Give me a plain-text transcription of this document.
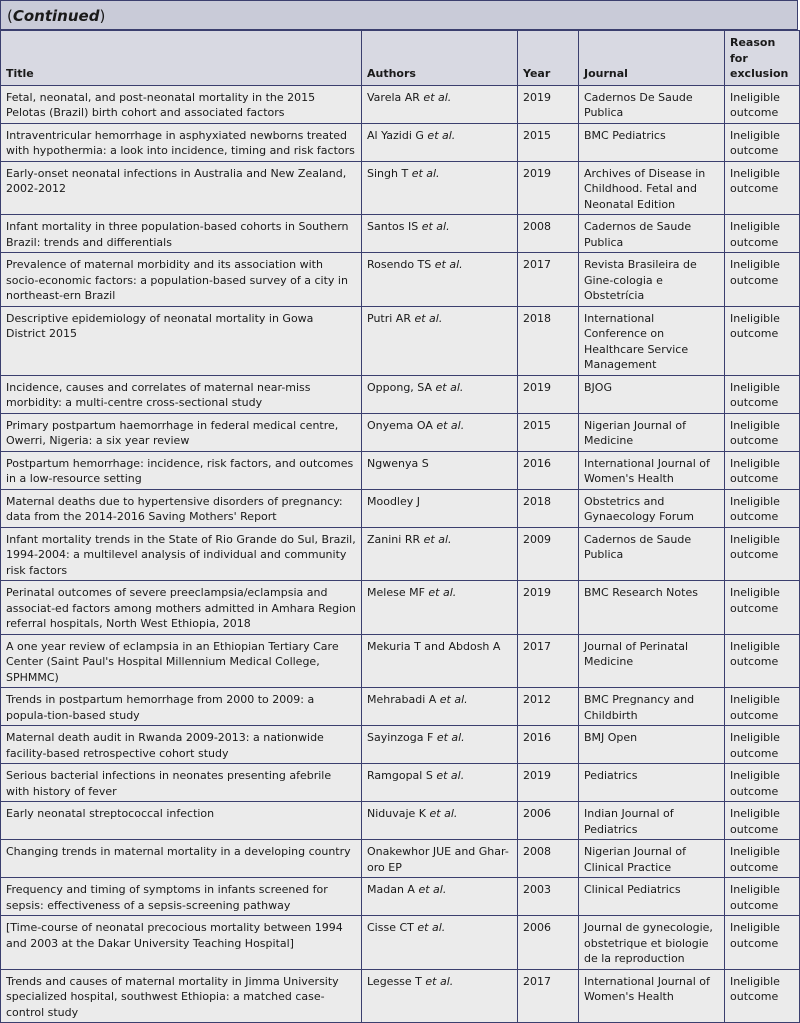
(Continued)
Title	Authors	Year	Journal	Reason for exclusion
Fetal, neonatal, and post-neonatal mortality in the 2015 Pelotas (Brazil) birth cohort and associated factors	Varela AR et al.	2019	Cadernos De Saude Publica	Ineligible outcome
Intraventricular hemorrhage in asphyxiated newborns treated with hypothermia: a look into incidence, timing and risk factors	Al Yazidi G et al.	2015	BMC Pediatrics	Ineligible outcome
Early-onset neonatal infections in Australia and New Zealand, 2002-2012	Singh T et al.	2019	Archives of Disease in Childhood. Fetal and Neonatal Edition	Ineligible outcome
Infant mortality in three population-based cohorts in Southern Brazil: trends and differentials	Santos IS et al.	2008	Cadernos de Saude Publica	Ineligible outcome
Prevalence of maternal morbidity and its association with socio-economic factors: a population-based survey of a city in northeast-ern Brazil	Rosendo TS et al.	2017	Revista Brasileira de Gine-cologia e Obstetrícia	Ineligible outcome
Descriptive epidemiology of neonatal mortality in Gowa District 2015	Putri AR et al.	2018	International Conference on Healthcare Service Management	Ineligible outcome
Incidence, causes and correlates of maternal near-miss morbidity: a multi-centre cross-sectional study	Oppong, SA et al.	2019	BJOG	Ineligible outcome
Primary postpartum haemorrhage in federal medical centre, Owerri, Nigeria: a six year review	Onyema OA et al.	2015	Nigerian Journal of Medicine	Ineligible outcome
Postpartum hemorrhage: incidence, risk factors, and outcomes in a low-resource setting	Ngwenya S	2016	International Journal of Women's Health	Ineligible outcome
Maternal deaths due to hypertensive disorders of pregnancy: data from the 2014-2016 Saving Mothers' Report	Moodley J	2018	Obstetrics and Gynaecology Forum	Ineligible outcome
Infant mortality trends in the State of Rio Grande do Sul, Brazil, 1994-2004: a multilevel analysis of individual and community risk factors	Zanini RR et al.	2009	Cadernos de Saude Publica	Ineligible outcome
Perinatal outcomes of severe preeclampsia/eclampsia and associat-ed factors among mothers admitted in Amhara Region referral hospitals, North West Ethiopia, 2018	Melese MF et al.	2019	BMC Research Notes	Ineligible outcome
A one year review of eclampsia in an Ethiopian Tertiary Care Center (Saint Paul's Hospital Millennium Medical College, SPHMMC)	Mekuria T and Abdosh A	2017	Journal of Perinatal Medicine	Ineligible outcome
Trends in postpartum hemorrhage from 2000 to 2009: a popula-tion-based study	Mehrabadi A et al.	2012	BMC Pregnancy and Childbirth	Ineligible outcome
Maternal death audit in Rwanda 2009-2013: a nationwide facility-based retrospective cohort study	Sayinzoga F et al.	2016	BMJ Open	Ineligible outcome
Serious bacterial infections in neonates presenting afebrile with history of fever	Ramgopal S et al.	2019	Pediatrics	Ineligible outcome
Early neonatal streptococcal infection	Niduvaje K et al.	2006	Indian Journal of Pediatrics	Ineligible outcome
Changing trends in maternal mortality in a developing country	Onakewhor JUE and Ghar-oro EP	2008	Nigerian Journal of Clinical Practice	Ineligible outcome
Frequency and timing of symptoms in infants screened for sepsis: effectiveness of a sepsis-screening pathway	Madan A et al.	2003	Clinical Pediatrics	Ineligible outcome
[Time-course of neonatal precocious mortality between 1994 and 2003 at the Dakar University Teaching Hospital]	Cisse CT et al.	2006	Journal de gynecologie, obstetrique et biologie de la reproduction	Ineligible outcome
Trends and causes of maternal mortality in Jimma University specialized hospital, southwest Ethiopia: a matched case-control study	Legesse T et al.	2017	International Journal of Women's Health	Ineligible outcome
